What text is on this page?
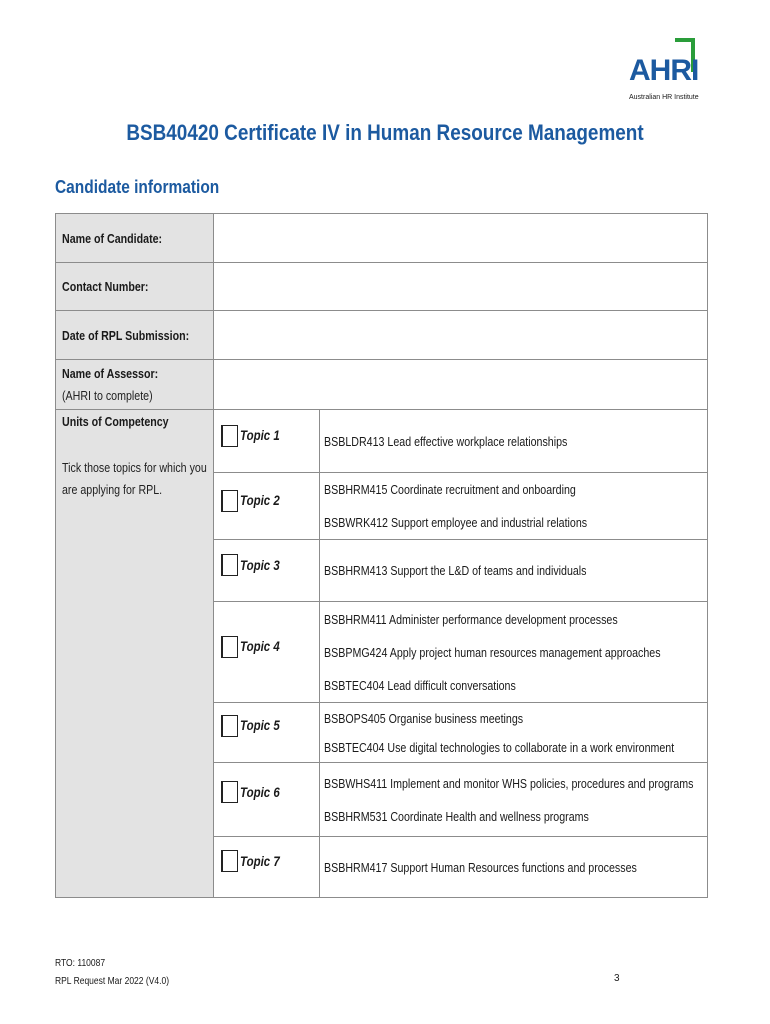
AHRI
Australian HR Institute
BSB40420 Certificate IV in Human Resource Management
Candidate information
Name of Candidate:		
Contact Number:		
Date of RPL Submission:		
Name of Assessor:
(AHRI to complete)		
Units of Competency
Tick those topics for which you
are applying for RPL.	Topic 1	BSBLDR413 Lead effective workplace relationships

	Topic 2	BSBHRM415 Coordinate recruitment and onboarding
BSBWRK412 Support employee and industrial relations

	Topic 3	BSBHRM413 Support the L&D of teams and individuals

	Topic 4	BSBHRM411 Administer performance development processes
BSBPMG424 Apply project human resources management approaches
BSBTEC404 Lead difficult conversations

	Topic 5	BSBOPS405 Organise business meetings
BSBTEC404 Use digital technologies to collaborate in a work environment

	Topic 6	BSBWHS411 Implement and monitor WHS policies, procedures and programs
BSBHRM531 Coordinate Health and wellness programs

	Topic 7	BSBHRM417 Support Human Resources functions and processes
RTO: 110087
RPL Request Mar 2022 (V4.0)	3
